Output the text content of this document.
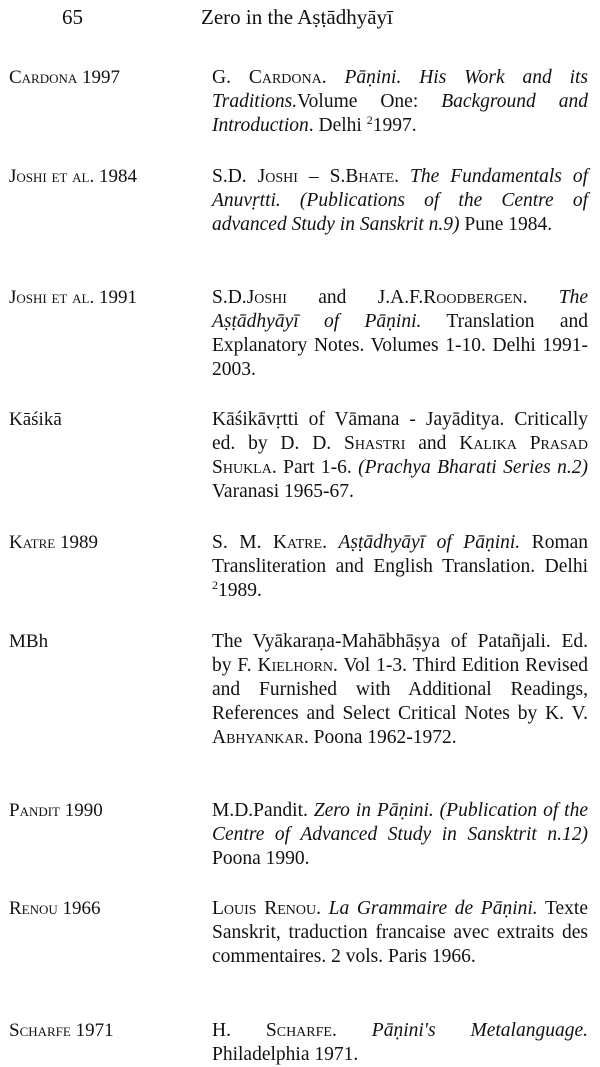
65	Zero in the Aṣṭādhyāyī
Cardona 1997	G. Cardona. Pāṇini. His Work and its Traditions.Volume One: Background and Introduction. Delhi $^2$1997.
Joshi et al. 1984	S.D. Joshi – S.Bhate. The Fundamentals of Anuvṛtti. (Publications of the Centre of advanced Study in Sanskrit n.9) Pune 1984.
Joshi et al. 1991	S.D.Joshi and J.A.F.Roodbergen. The Aṣṭādhyāyī of Pāṇini. Translation and Explanatory Notes. Volumes 1-10. Delhi 1991-2003.
Kāśikā	Kāśikāvṛtti of Vāmana - Jayāditya. Critically ed. by D. D. Shastri and Kalika Prasad Shukla. Part 1-6. (Prachya Bharati Series n.2) Varanasi 1965-67.
Katre 1989	S. M. Katre. Aṣṭādhyāyī of Pāṇini. Roman Transliteration and English Translation. Delhi $^2$1989.
MBh	The Vyākaraṇa-Mahābhāṣya of Patañjali. Ed. by F. Kielhorn. Vol 1-3. Third Edition Revised and Furnished with Additional Readings, References and Select Critical Notes by K. V. Abhyankar. Poona 1962-1972.
Pandit 1990	M.D.Pandit. Zero in Pāṇini. (Publication of the Centre of Advanced Study in Sansktrit n.12) Poona 1990.
Renou 1966	Louis Renou. La Grammaire de Pāṇini. Texte Sanskrit, traduction francaise avec extraits des commentaires. 2 vols. Paris 1966.
Scharfe 1971	H. Scharfe. Pāṇini's Metalanguage. Philadelphia 1971.
